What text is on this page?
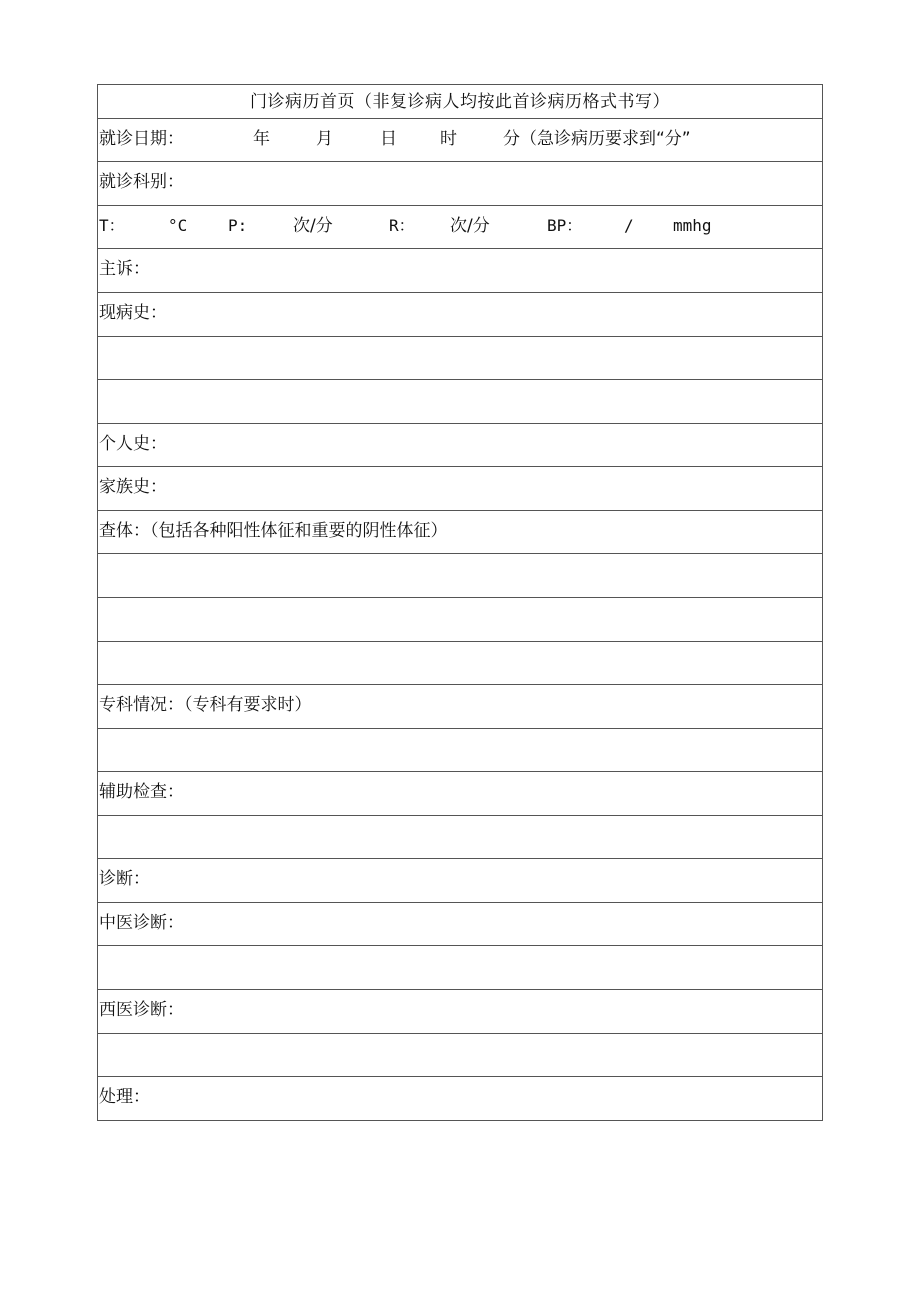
门诊病历首页（非复诊病人均按此首诊病历格式书写）
就诊日期：	年	月	日	时	分（急诊病历要求到“分”
就诊科别：
T：	°C	P:	次/分	R： 次/分	BP：	/ mmhg
主诉：
现病史：
个人史：
家族史：
查体：（包括各种阳性体征和重要的阴性体征）
专科情况：（专科有要求时）
辅助检查：
诊断：
中医诊断：
西医诊断：
处理：
